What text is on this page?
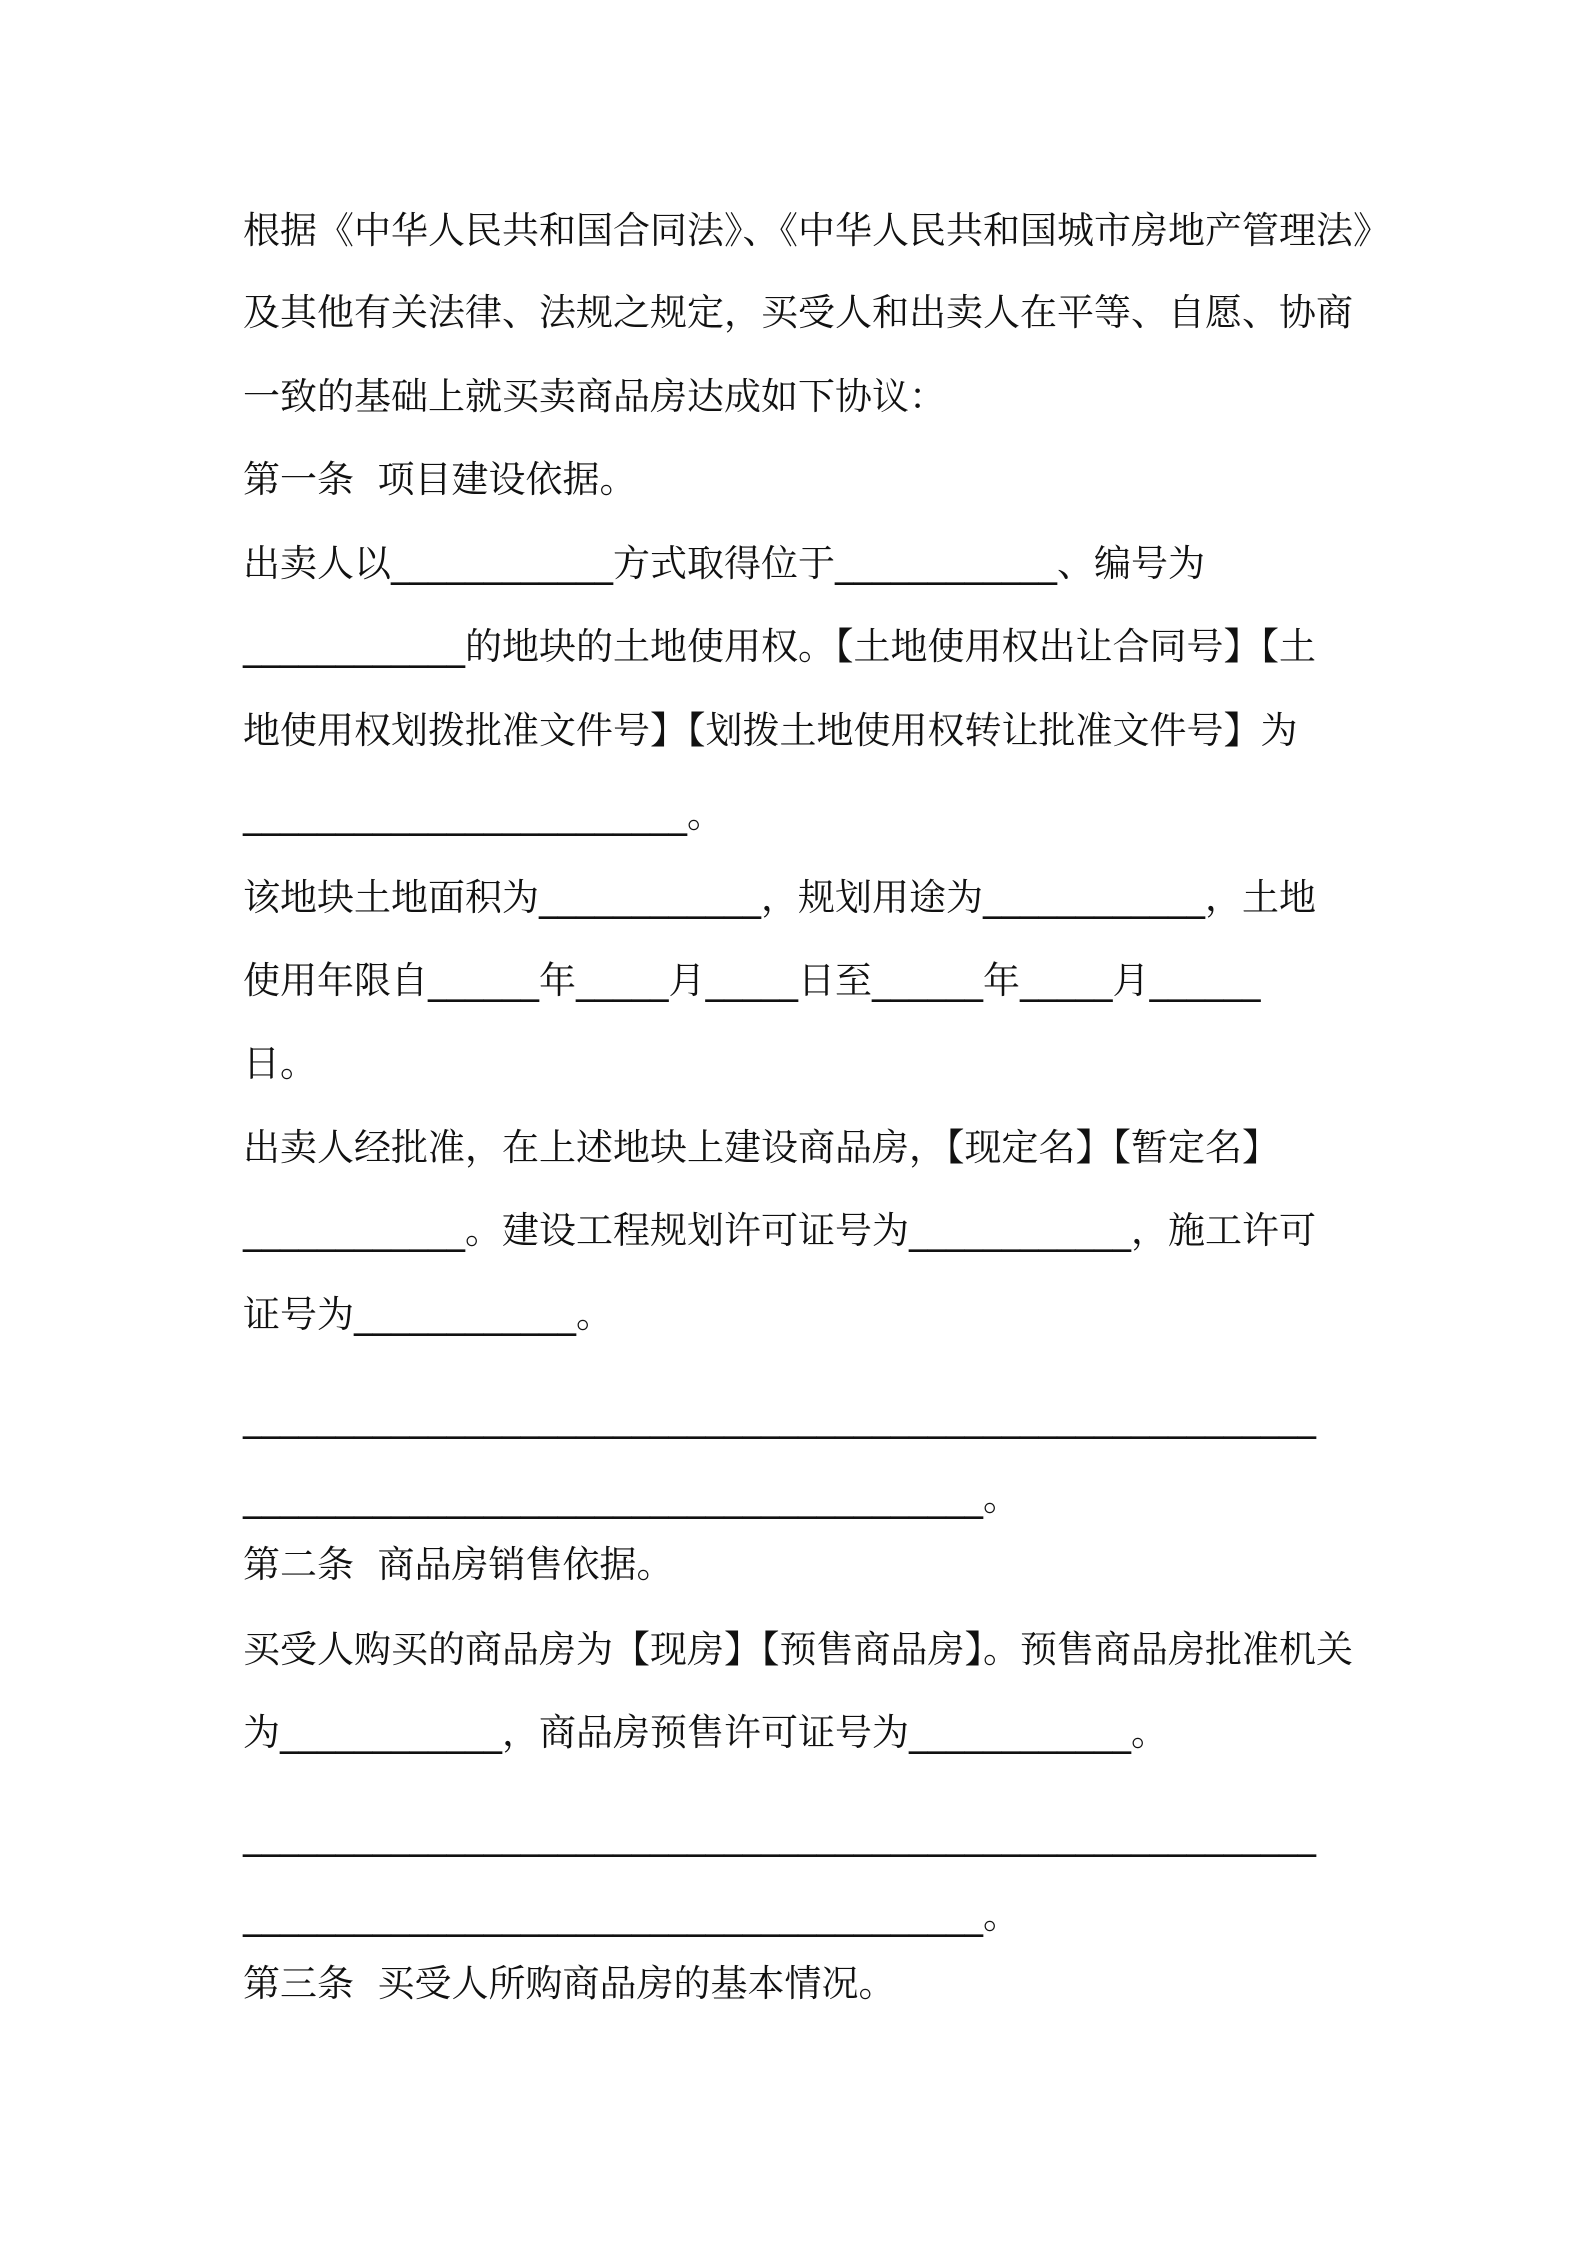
根据《中华人民共和国合同法》、《中华人民共和国城市房地产管理法》
及其他有关法律、法规之规定，买受人和出卖人在平等、自愿、协商
一致的基础上就买卖商品房达成如下协议：
第一条  项目建设依据。
出卖人以____________方式取得位于____________、编号为
____________的地块的土地使用权。【土地使用权出让合同号】【土
地使用权划拨批准文件号】【划拨土地使用权转让批准文件号】为
________________________。
该地块土地面积为____________，规划用途为____________，土地
使用年限自______年_____月_____日至______年_____月______
日。
出卖人经批准，在上述地块上建设商品房，【现定名】【暂定名】
____________。建设工程规划许可证号为____________，施工许可
证号为____________。
__________________________________________________________
________________________________________。
第二条  商品房销售依据。
买受人购买的商品房为【现房】【预售商品房】。预售商品房批准机关
为____________，商品房预售许可证号为____________。
__________________________________________________________
________________________________________。
第三条  买受人所购商品房的基本情况。
